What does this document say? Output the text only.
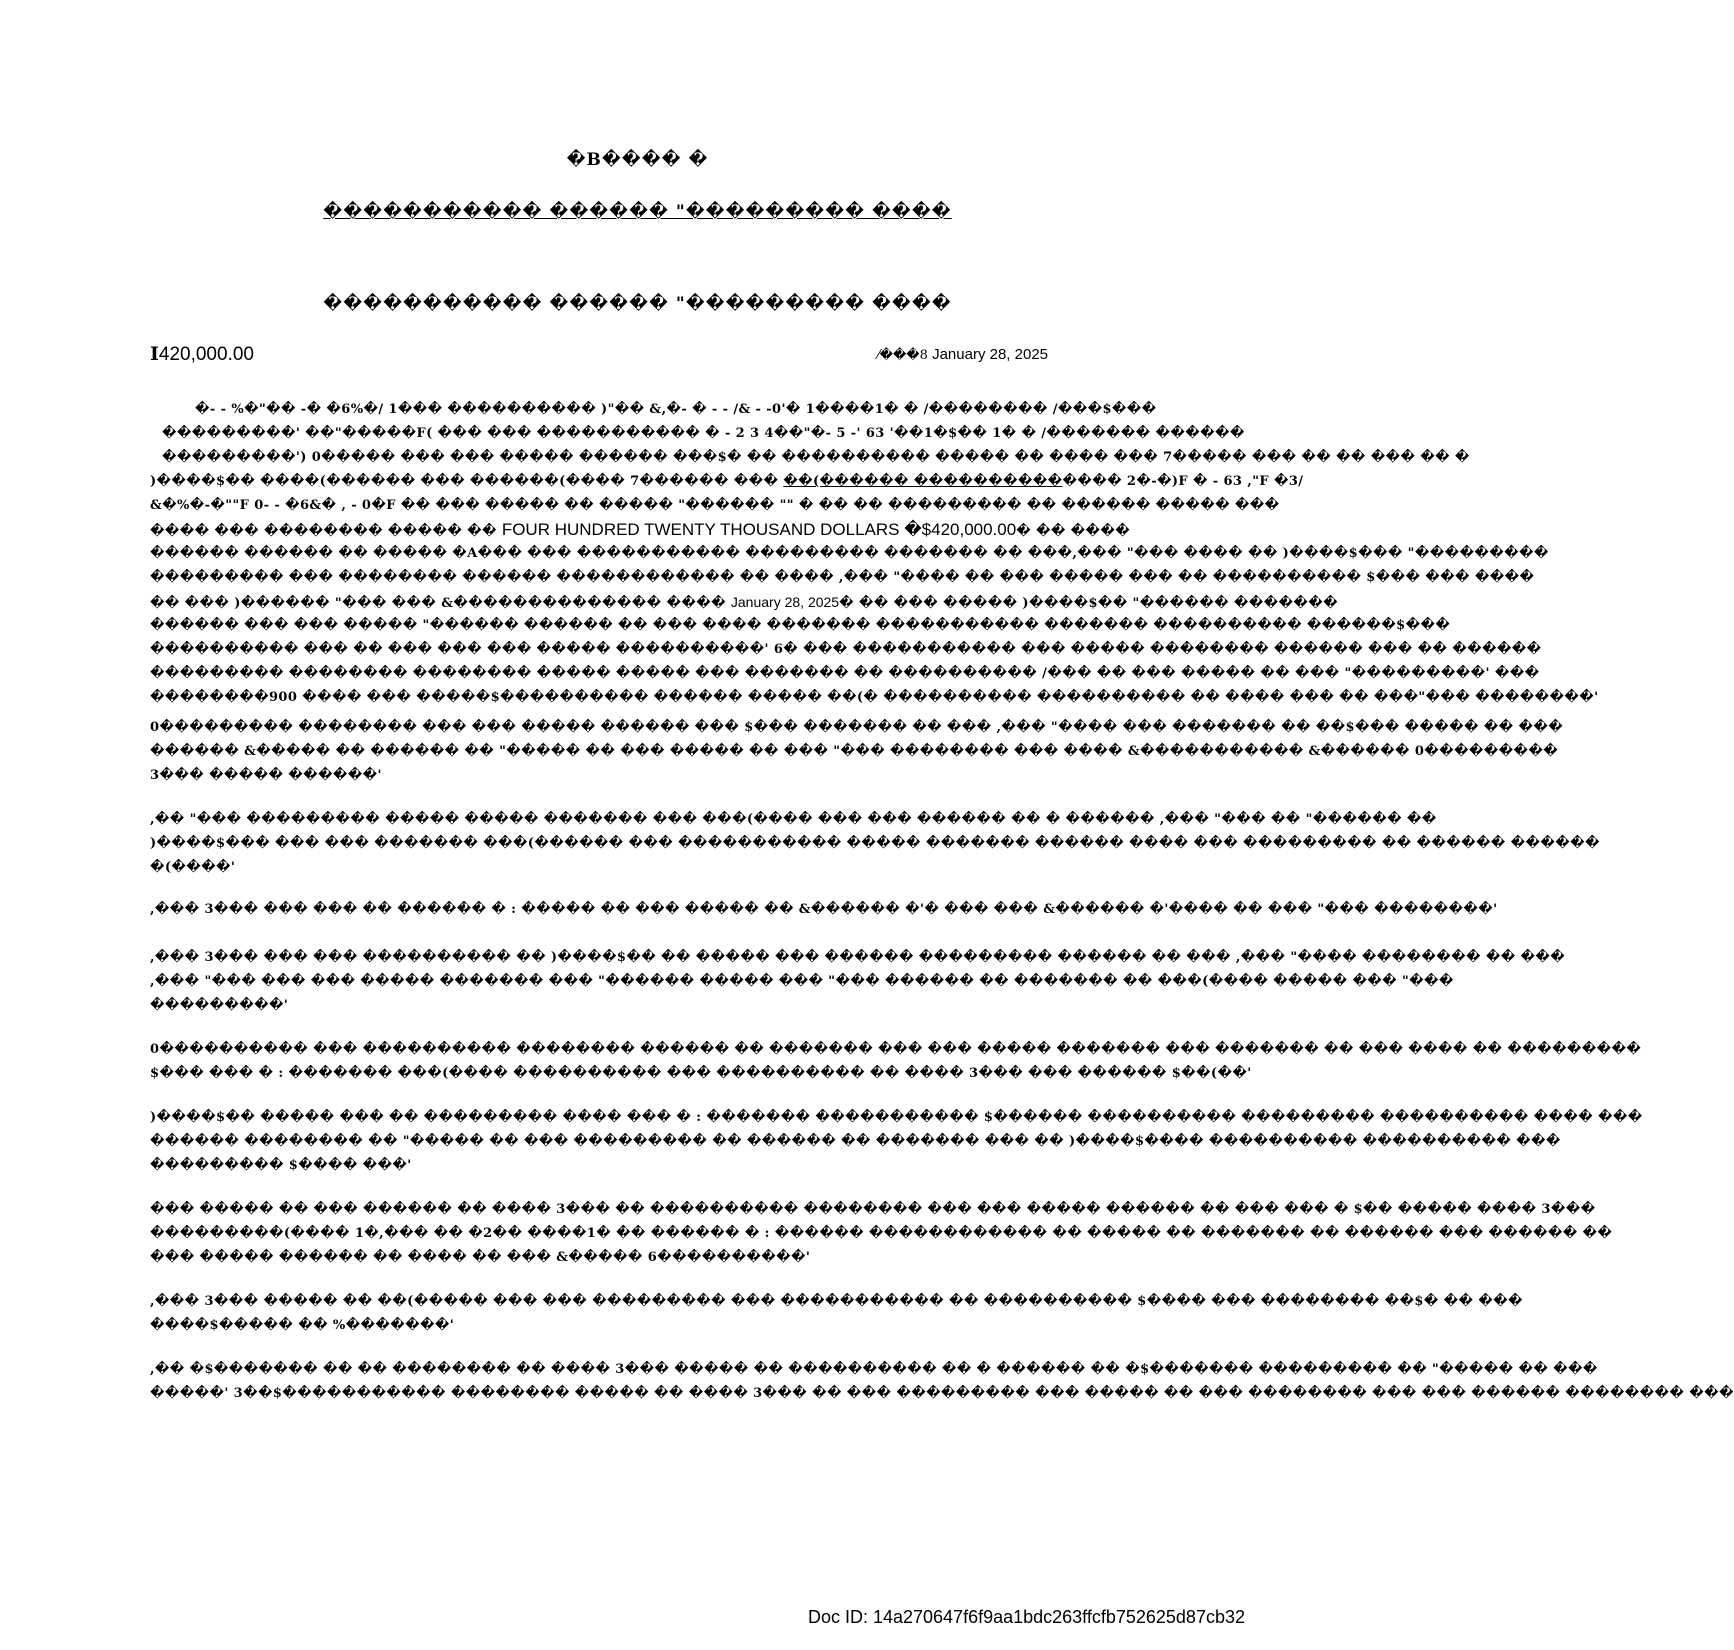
�B���� �
����������� ������ "��������� ����
����������� ������ "��������� ����
I420,000.00	⁄���8 January 28, 2025
�- - %�"�� -� �6%�/ 1��� ���������� )"�� &,�- � - - /& - -0'� 1����1� � /�������� /���$���
���������' ��"�����F( ��� ��� ����������� � - 2 3 4��"�- 5 -' 63 '��1�$�� 1� � /������� ������
���������') 0����� ��� ��� ����� ������ ���$� �� ���������� ����� �� ���� ��� 7����� ��� �� �� ��� �� �
)����$�� ����(������ ��� ������(���� 7������ ��� ��(������ �������������� 2�-�)F � - 63 ,"F �3/
&�%�-�""F 0- - �6&� , - 0�F �� ��� ����� �� ����� "������ "" � �� �� ��������� �� ������ ����� ���
���� ��� �������� ����� �� FOUR HUNDRED TWENTY THOUSAND DOLLARS �$420,000.00� �� ����
������ ������ �� ����� �A��� ��� ����������� ��������� ������� �� ���,��� "��� ���� �� )����$��� "���������
��������� ��� �������� ������ ������������ �� ���� ,��� "���� �� ��� ����� ��� �� ���������� $��� ��� ����
�� ��� )������ "��� ��� &�������������� ���� January 28, 2025� �� ��� ����� )����$�� "������ �������
������ ��� ��� ����� "������ ������ �� ��� ���� ������� ����������� ������� ���������� ������$���
���������� ��� �� ��� ��� ��� ����� ����������' 6� ��� ����������� ��� ����� �������� ������ ��� �� ������
��������� �������� �������� ����� ����� ��� ������� �� ���������� /��� �� ��� ����� �� ��� "���������' ���
��������900 ���� ��� �����$���������� ������ ����� ��(� ���������� ���������� �� ���� ��� �� ���"��� ��������'
0��������� �������� ��� ��� ����� ������ ��� $��� ������� �� ��� ,��� "���� ��� ������� �� ��$��� ����� �� ���
������ &����� �� ������ �� "����� �� ��� ����� �� ��� "��� �������� ��� ���� &����������� &������ 0���������
3��� ����� ������'
,�� "��� ��������� ����� ����� ������� ��� ���(���� ��� ��� ������ �� � ������ ,��� "��� �� "������ ��
)����$��� ��� ��� ������� ���(������ ��� ����������� ����� ������� ������ ���� ��� ��������� �� ������ ������
�(����'
,��� 3��� ��� ��� �� ������ � : ����� �� ��� ����� �� &������ �'� ��� ��� &������ �'���� �� ��� "��� ��������'
,��� 3��� ��� ��� ���������� �� )����$�� �� ����� ��� ������ ��������� ������ �� ��� ,��� "���� �������� �� ���
,��� "��� ��� ��� ����� ������� ��� "������ ����� ��� "��� ������ �� ������� �� ���(���� ����� ��� "���
���������'
0���������� ��� ���������� �������� ������ �� ������� ��� ��� ����� ������� ��� ������� �� ��� ���� �� ���������
$��� ��� � : ������� ���(���� ���������� ��� ���������� �� ���� 3��� ��� ������ $��(��'
)����$�� ����� ��� �� ��������� ���� ��� � : ������� ����������� $������ ���������� ��������� ���������� ���� ���
������ �������� �� "����� �� ��� ��������� �� ������ �� ������� ��� �� )����$���� ���������� ���������� ���
��������� $���� ���'
��� ����� �� ��� ������ �� ���� 3��� �� ���������� �������� ��� ��� ����� ������ �� ��� ��� � $�� ����� ���� 3���
���������(���� 1�,��� �� �2�� ����1� �� ������ � : ������ ������������ �� ����� �� ������� �� ������ ��� ������ ��
��� ����� ������ �� ���� �� ��� &����� 6����������'
,��� 3��� ����� �� ��(����� ��� ��� ��������� ��� ����������� �� ���������� $���� ��� �������� ��$� �� ���
����$����� �� %�������'
,�� �$������� �� �� �������� �� ���� 3��� ����� �� ���������� �� � ������ �� �$������� ��������� �� "����� �� ���
�����' 3��$����������� �������� ����� �� ���� 3��� �� ��� ��������� ��� ����� �� ��� �������� ��� ��� ������ �������� ���
Doc ID: 14a270647f6f9aa1bdc263ffcfb752625d87cb32
